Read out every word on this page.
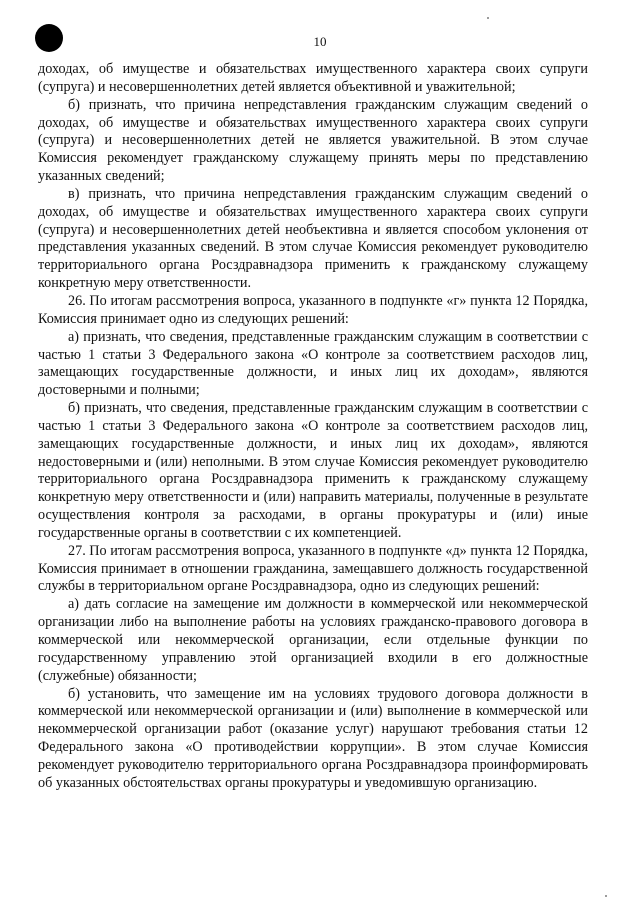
10

доходах, об имуществе и обязательствах имущественного характера своих супруги (супруга) и несовершеннолетних детей является объективной и уважительной;

б) признать, что причина непредставления гражданским служащим сведений о доходах, об имуществе и обязательствах имущественного характера своих супруги (супруга) и несовершеннолетних детей не является уважительной. В этом случае Комиссия рекомендует гражданскому служащему принять меры по представлению указанных сведений;

в) признать, что причина непредставления гражданским служащим сведений о доходах, об имуществе и обязательствах имущественного характера своих супруги (супруга) и несовершеннолетних детей необъективна и является способом уклонения от представления указанных сведений. В этом случае Комиссия рекомендует руководителю территориального органа Росздравнадзора применить к гражданскому служащему конкретную меру ответственности.

26. По итогам рассмотрения вопроса, указанного в подпункте «г» пункта 12 Порядка, Комиссия принимает одно из следующих решений:

а) признать, что сведения, представленные гражданским служащим в соответствии с частью 1 статьи 3 Федерального закона «О контроле за соответствием расходов лиц, замещающих государственные должности, и иных лиц их доходам», являются достоверными и полными;

б) признать, что сведения, представленные гражданским служащим в соответствии с частью 1 статьи 3 Федерального закона «О контроле за соответствием расходов лиц, замещающих государственные должности, и иных лиц их доходам», являются недостоверными и (или) неполными. В этом случае Комиссия рекомендует руководителю территориального органа Росздравнадзора применить к гражданскому служащему конкретную меру ответственности и (или) направить материалы, полученные в результате осуществления контроля за расходами, в органы прокуратуры и (или) иные государственные органы в соответствии с их компетенцией.

27. По итогам рассмотрения вопроса, указанного в подпункте «д» пункта 12 Порядка, Комиссия принимает в отношении гражданина, замещавшего должность государственной службы в территориальном органе Росздравнадзора, одно из следующих решений:

а) дать согласие на замещение им должности в коммерческой или некоммерческой организации либо на выполнение работы на условиях гражданско-правового договора в коммерческой или некоммерческой организации, если отдельные функции по государственному управлению этой организацией входили в его должностные (служебные) обязанности;

б) установить, что замещение им на условиях трудового договора должности в коммерческой или некоммерческой организации и (или) выполнение в коммерческой или некоммерческой организации работ (оказание услуг) нарушают требования статьи 12 Федерального закона «О противодействии коррупции». В этом случае Комиссия рекомендует руководителю территориального органа Росздравнадзора проинформировать об указанных обстоятельствах органы прокуратуры и уведомившую организацию.
